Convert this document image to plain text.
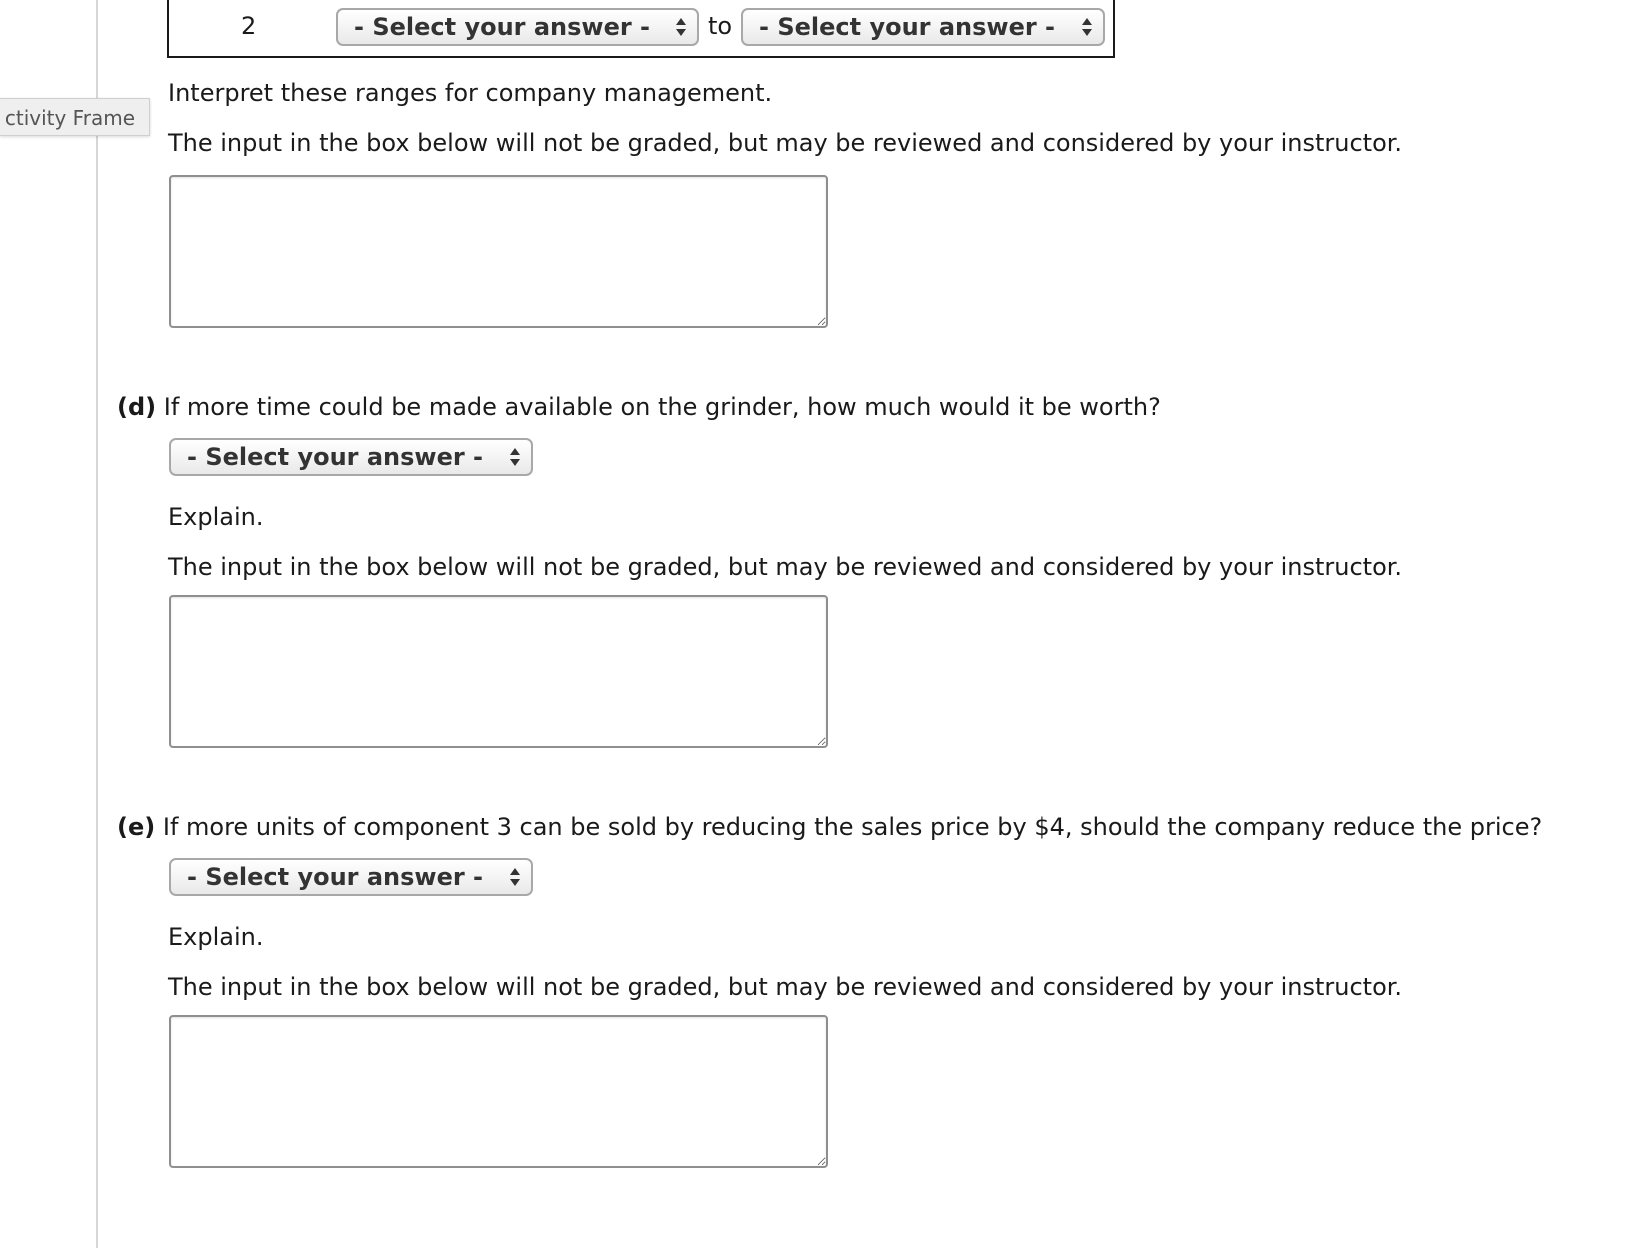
ctivity Frame
2	- Select your answer -	to	- Select your answer -
Interpret these ranges for company management.
The input in the box below will not be graded, but may be reviewed and considered by your instructor.
(d) If more time could be made available on the grinder, how much would it be worth?
- Select your answer -
Explain.
The input in the box below will not be graded, but may be reviewed and considered by your instructor.
(e) If more units of component 3 can be sold by reducing the sales price by $4, should the company reduce the price?
- Select your answer -
Explain.
The input in the box below will not be graded, but may be reviewed and considered by your instructor.
